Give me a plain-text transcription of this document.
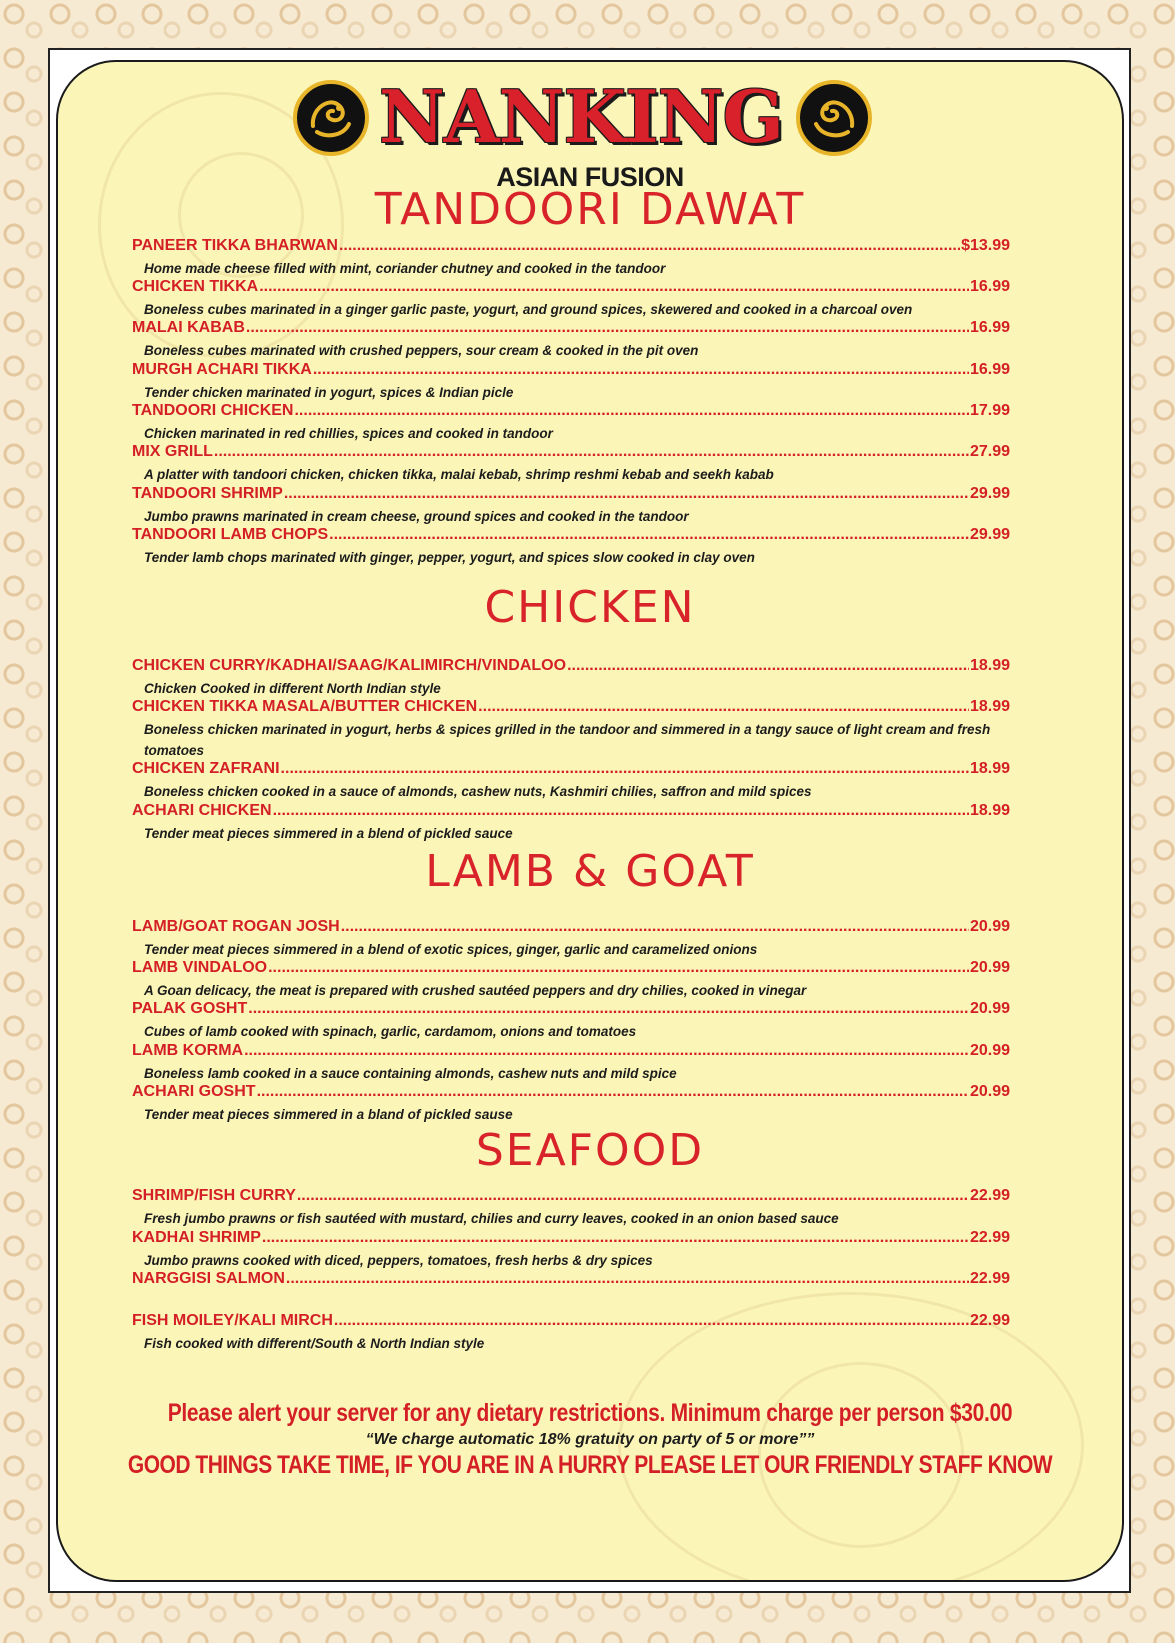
NANKING
ASIAN FUSION
TANDOORI DAWAT
PANEER TIKKA BHARWAN .....	$13.99
Home made cheese filled with mint, coriander chutney and cooked in the tandoor
CHICKEN TIKKA .....	16.99
Boneless cubes marinated in a ginger garlic paste, yogurt, and ground spices, skewered and cooked in a charcoal oven
MALAI KABAB .....	16.99
Boneless cubes marinated with crushed peppers, sour cream & cooked in the pit oven
MURGH ACHARI TIKKA .....	16.99
Tender chicken marinated in yogurt, spices & Indian picle
TANDOORI CHICKEN .....	17.99
Chicken marinated in red chillies, spices and cooked in tandoor
MIX GRILL .....	27.99
A platter with tandoori chicken, chicken tikka, malai kebab, shrimp reshmi kebab and seekh kabab
TANDOORI SHRIMP .....	29.99
Jumbo prawns marinated in cream cheese, ground spices and cooked in the tandoor
TANDOORI LAMB CHOPS .....	29.99
Tender lamb chops marinated with ginger, pepper, yogurt, and spices slow cooked in clay oven
CHICKEN
CHICKEN CURRY/KADHAI/SAAG/KALIMIRCH/VINDALOO .....	18.99
Chicken Cooked in different North Indian style
CHICKEN TIKKA MASALA/BUTTER CHICKEN .....	18.99
Boneless chicken marinated in yogurt, herbs & spices grilled in the tandoor and simmered in a tangy sauce of light cream and fresh tomatoes
CHICKEN ZAFRANI .....	18.99
Boneless chicken cooked in a sauce of almonds, cashew nuts, Kashmiri chilies, saffron and mild spices
ACHARI CHICKEN .....	18.99
Tender meat pieces simmered in a blend of pickled sauce
LAMB & GOAT
LAMB/GOAT ROGAN JOSH .....	20.99
Tender meat pieces simmered in a blend of exotic spices, ginger, garlic and caramelized onions
LAMB VINDALOO .....	20.99
A Goan delicacy, the meat is prepared with crushed sautéed peppers and dry chilies, cooked in vinegar
PALAK GOSHT .....	20.99
Cubes of lamb cooked with spinach, garlic, cardamom, onions and tomatoes
LAMB KORMA .....	20.99
Boneless lamb cooked in a sauce containing almonds, cashew nuts and mild spice
ACHARI GOSHT .....	20.99
Tender meat pieces simmered in a bland of pickled sause
SEAFOOD
SHRIMP/FISH CURRY .....	22.99
Fresh jumbo prawns or fish sautéed with mustard, chilies and curry leaves, cooked in an onion based sauce
KADHAI SHRIMP .....	22.99
Jumbo prawns cooked with diced, peppers, tomatoes, fresh herbs & dry spices
NARGGISI SALMON .....	22.99
FISH MOILEY/KALI MIRCH .....	22.99
Fish cooked with different/South & North Indian style
Please alert your server for any dietary restrictions. Minimum charge per person $30.00
“We charge automatic 18% gratuity on party of 5 or more””
GOOD THINGS TAKE TIME, IF YOU ARE IN A HURRY PLEASE LET OUR FRIENDLY STAFF KNOW
